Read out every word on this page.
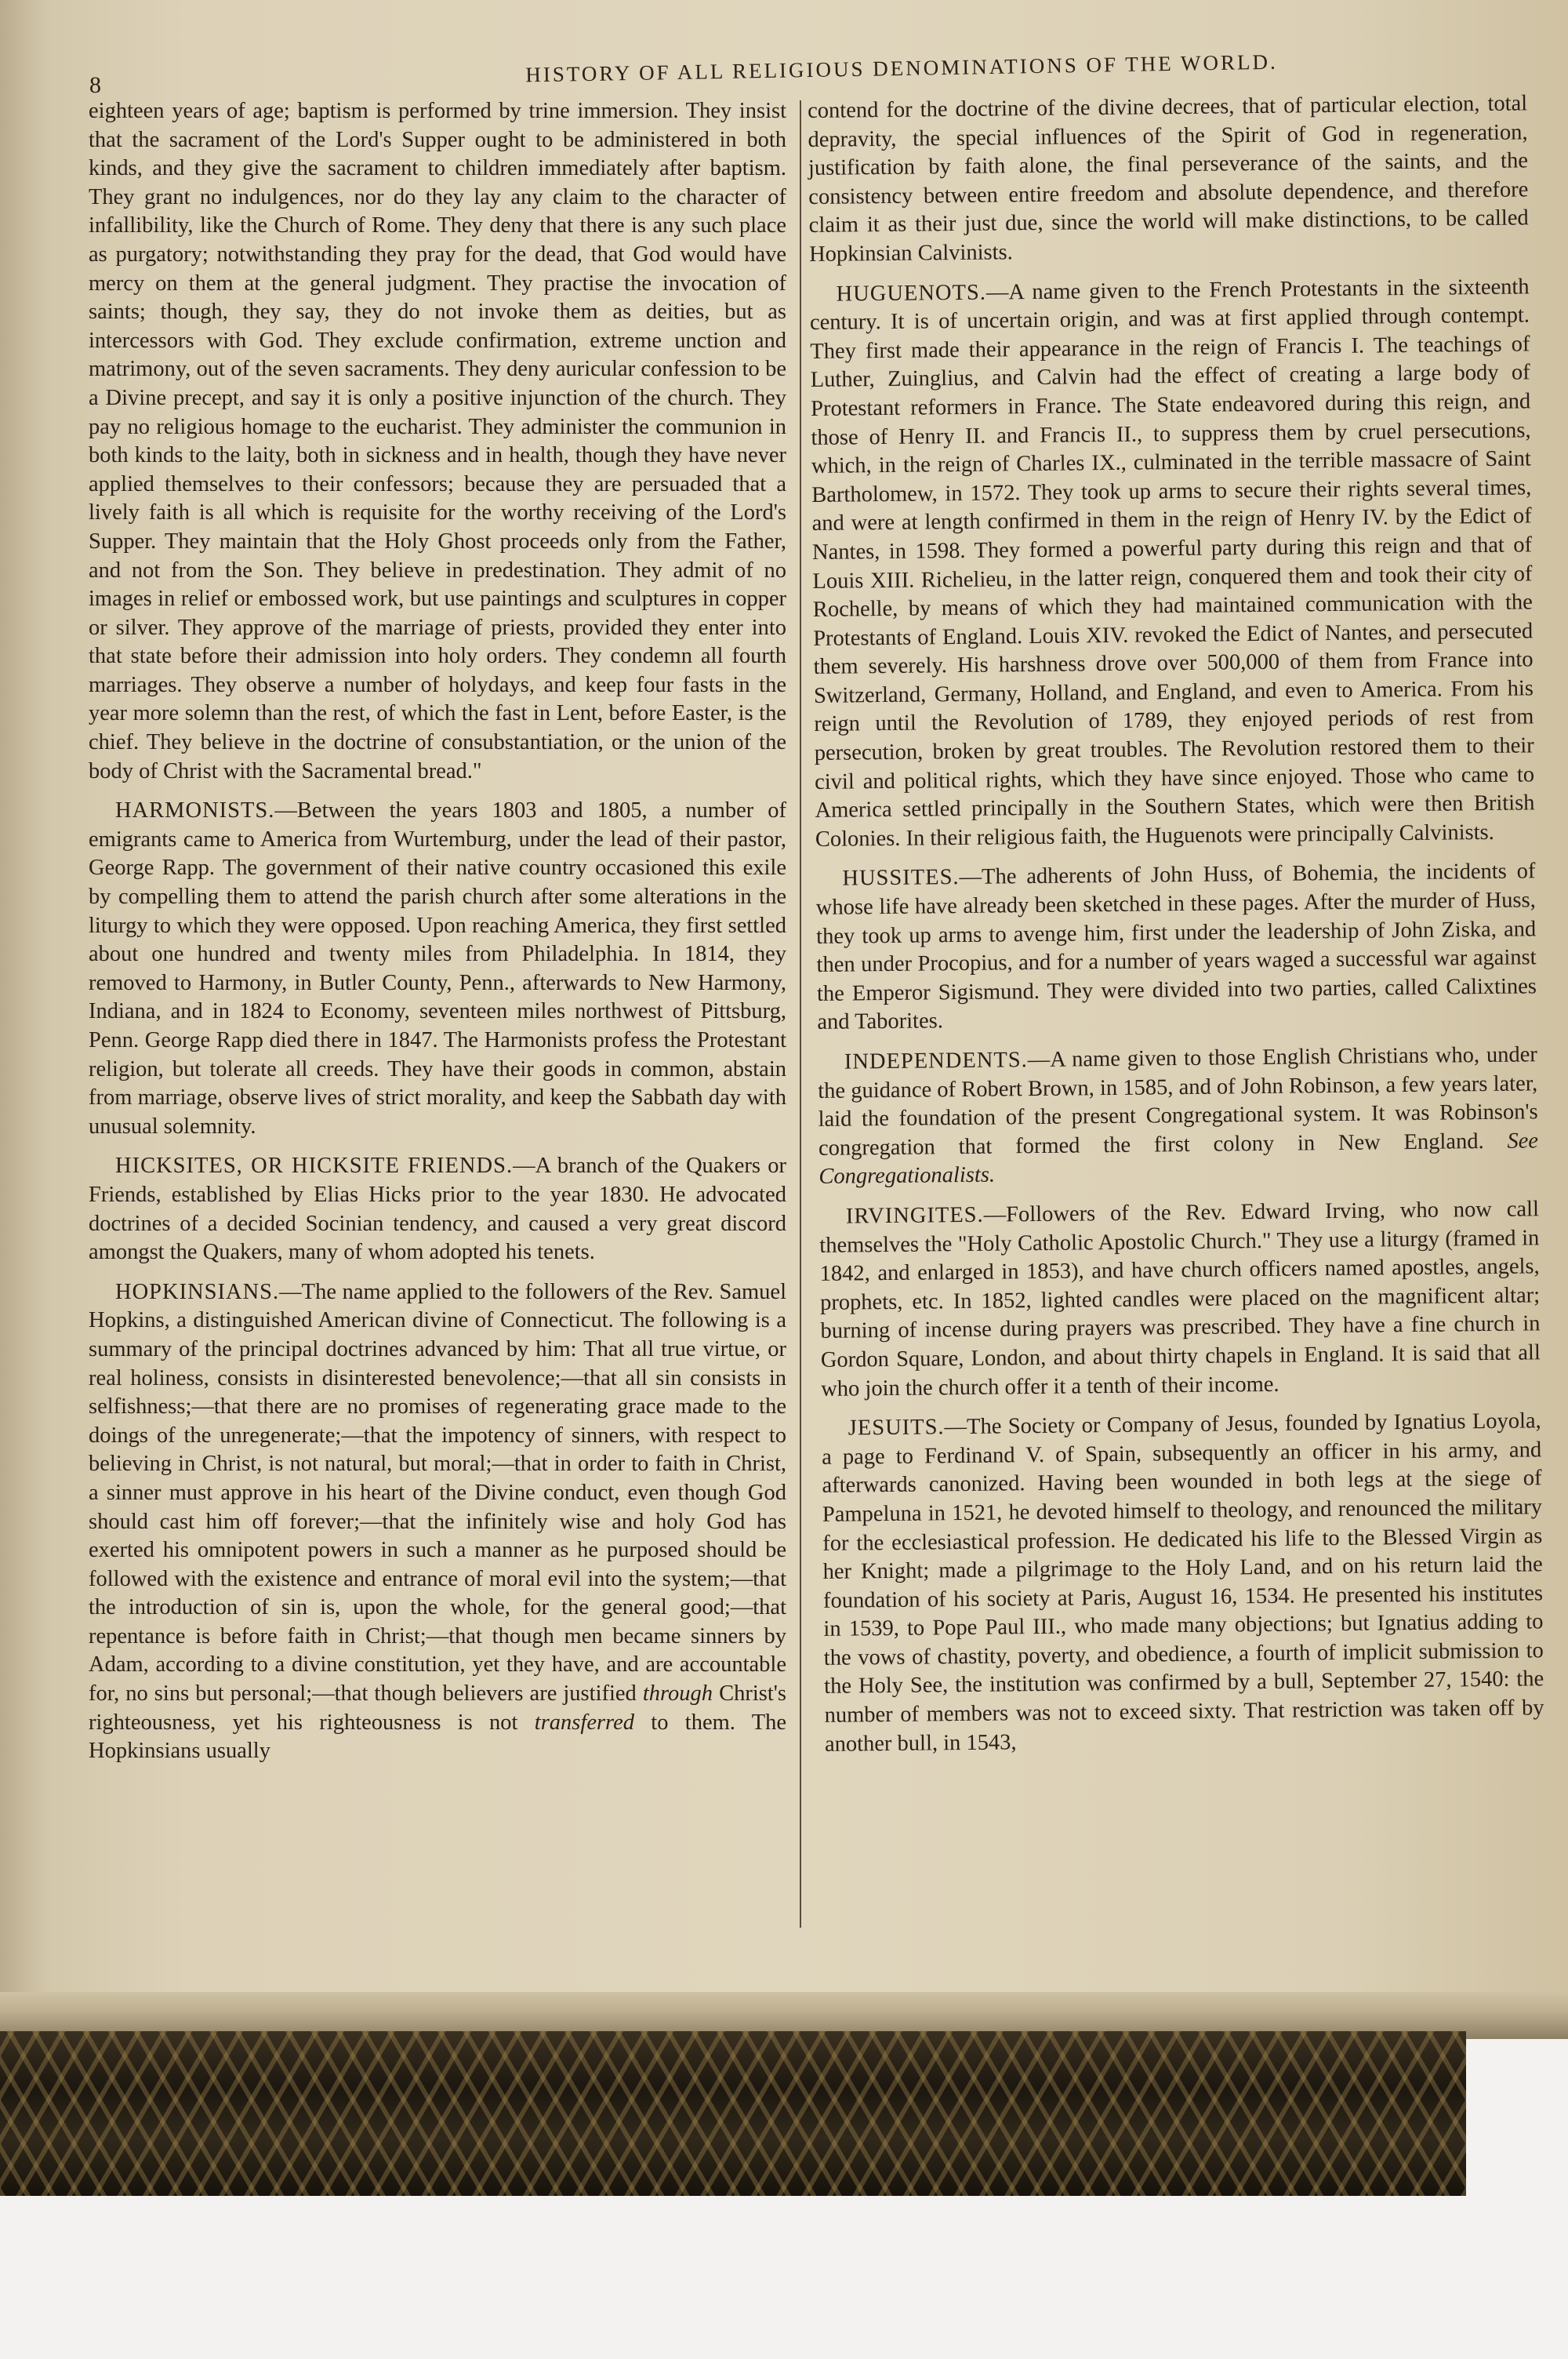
8	HISTORY OF ALL RELIGIOUS DENOMINATIONS OF THE WORLD.

eighteen years of age; baptism is performed by trine immersion. They insist that the sacrament of the Lord's Supper ought to be administered in both kinds, and they give the sacrament to children immediately after baptism. They grant no indulgences, nor do they lay any claim to the character of infallibility, like the Church of Rome. They deny that there is any such place as purgatory; notwithstanding they pray for the dead, that God would have mercy on them at the general judgment. They practise the invocation of saints; though, they say, they do not invoke them as deities, but as intercessors with God. They exclude confirmation, extreme unction and matrimony, out of the seven sacraments. They deny auricular confession to be a Divine precept, and say it is only a positive injunction of the church. They pay no religious homage to the eucharist. They administer the communion in both kinds to the laity, both in sickness and in health, though they have never applied themselves to their confessors; because they are persuaded that a lively faith is all which is requisite for the worthy receiving of the Lord's Supper. They maintain that the Holy Ghost proceeds only from the Father, and not from the Son. They believe in predestination. They admit of no images in relief or embossed work, but use paintings and sculptures in copper or silver. They approve of the marriage of priests, provided they enter into that state before their admission into holy orders. They condemn all fourth marriages. They observe a number of holydays, and keep four fasts in the year more solemn than the rest, of which the fast in Lent, before Easter, is the chief. They believe in the doctrine of consubstantiation, or the union of the body of Christ with the Sacramental bread."

HARMONISTS.—Between the years 1803 and 1805, a number of emigrants came to America from Wurtemburg, under the lead of their pastor, George Rapp. The government of their native country occasioned this exile by compelling them to attend the parish church after some alterations in the liturgy to which they were opposed. Upon reaching America, they first settled about one hundred and twenty miles from Philadelphia. In 1814, they removed to Harmony, in Butler County, Penn., afterwards to New Harmony, Indiana, and in 1824 to Economy, seventeen miles northwest of Pittsburg, Penn. George Rapp died there in 1847. The Harmonists profess the Protestant religion, but tolerate all creeds. They have their goods in common, abstain from marriage, observe lives of strict morality, and keep the Sabbath day with unusual solemnity.

HICKSITES, OR HICKSITE FRIENDS.—A branch of the Quakers or Friends, established by Elias Hicks prior to the year 1830. He advocated doctrines of a decided Socinian tendency, and caused a very great discord amongst the Quakers, many of whom adopted his tenets.

HOPKINSIANS.—The name applied to the followers of the Rev. Samuel Hopkins, a distinguished American divine of Connecticut. The following is a summary of the principal doctrines advanced by him: That all true virtue, or real holiness, consists in disinterested benevolence;—that all sin consists in selfishness;—that there are no promises of regenerating grace made to the doings of the unregenerate;—that the impotency of sinners, with respect to believing in Christ, is not natural, but moral;—that in order to faith in Christ, a sinner must approve in his heart of the Divine conduct, even though God should cast him off forever;—that the infinitely wise and holy God has exerted his omnipotent powers in such a manner as he purposed should be followed with the existence and entrance of moral evil into the system;—that the introduction of sin is, upon the whole, for the general good;—that repentance is before faith in Christ;—that though men became sinners by Adam, according to a divine constitution, yet they have, and are accountable for, no sins but personal;—that though believers are justified through Christ's righteousness, yet his righteousness is not transferred to them. The Hopkinsians usually

contend for the doctrine of the divine decrees, that of particular election, total depravity, the special influences of the Spirit of God in regeneration, justification by faith alone, the final perseverance of the saints, and the consistency between entire freedom and absolute dependence, and therefore claim it as their just due, since the world will make distinctions, to be called Hopkinsian Calvinists.

HUGUENOTS.—A name given to the French Protestants in the sixteenth century. It is of uncertain origin, and was at first applied through contempt. They first made their appearance in the reign of Francis I. The teachings of Luther, Zuinglius, and Calvin had the effect of creating a large body of Protestant reformers in France. The State endeavored during this reign, and those of Henry II. and Francis II., to suppress them by cruel persecutions, which, in the reign of Charles IX., culminated in the terrible massacre of Saint Bartholomew, in 1572. They took up arms to secure their rights several times, and were at length confirmed in them in the reign of Henry IV. by the Edict of Nantes, in 1598. They formed a powerful party during this reign and that of Louis XIII. Richelieu, in the latter reign, conquered them and took their city of Rochelle, by means of which they had maintained communication with the Protestants of England. Louis XIV. revoked the Edict of Nantes, and persecuted them severely. His harshness drove over 500,000 of them from France into Switzerland, Germany, Holland, and England, and even to America. From his reign until the Revolution of 1789, they enjoyed periods of rest from persecution, broken by great troubles. The Revolution restored them to their civil and political rights, which they have since enjoyed. Those who came to America settled principally in the Southern States, which were then British Colonies. In their religious faith, the Huguenots were principally Calvinists.

HUSSITES.—The adherents of John Huss, of Bohemia, the incidents of whose life have already been sketched in these pages. After the murder of Huss, they took up arms to avenge him, first under the leadership of John Ziska, and then under Procopius, and for a number of years waged a successful war against the Emperor Sigismund. They were divided into two parties, called Calixtines and Taborites.

INDEPENDENTS.—A name given to those English Christians who, under the guidance of Robert Brown, in 1585, and of John Robinson, a few years later, laid the foundation of the present Congregational system. It was Robinson's congregation that formed the first colony in New England. See Congregationalists.

IRVINGITES.—Followers of the Rev. Edward Irving, who now call themselves the "Holy Catholic Apostolic Church." They use a liturgy (framed in 1842, and enlarged in 1853), and have church officers named apostles, angels, prophets, etc. In 1852, lighted candles were placed on the magnificent altar; burning of incense during prayers was prescribed. They have a fine church in Gordon Square, London, and about thirty chapels in England. It is said that all who join the church offer it a tenth of their income.

JESUITS.—The Society or Company of Jesus, founded by Ignatius Loyola, a page to Ferdinand V. of Spain, subsequently an officer in his army, and afterwards canonized. Having been wounded in both legs at the siege of Pampeluna in 1521, he devoted himself to theology, and renounced the military for the ecclesiastical profession. He dedicated his life to the Blessed Virgin as her Knight; made a pilgrimage to the Holy Land, and on his return laid the foundation of his society at Paris, August 16, 1534. He presented his institutes in 1539, to Pope Paul III., who made many objections; but Ignatius adding to the vows of chastity, poverty, and obedience, a fourth of implicit submission to the Holy See, the institution was confirmed by a bull, September 27, 1540: the number of members was not to exceed sixty. That restriction was taken off by another bull, in 1543,
